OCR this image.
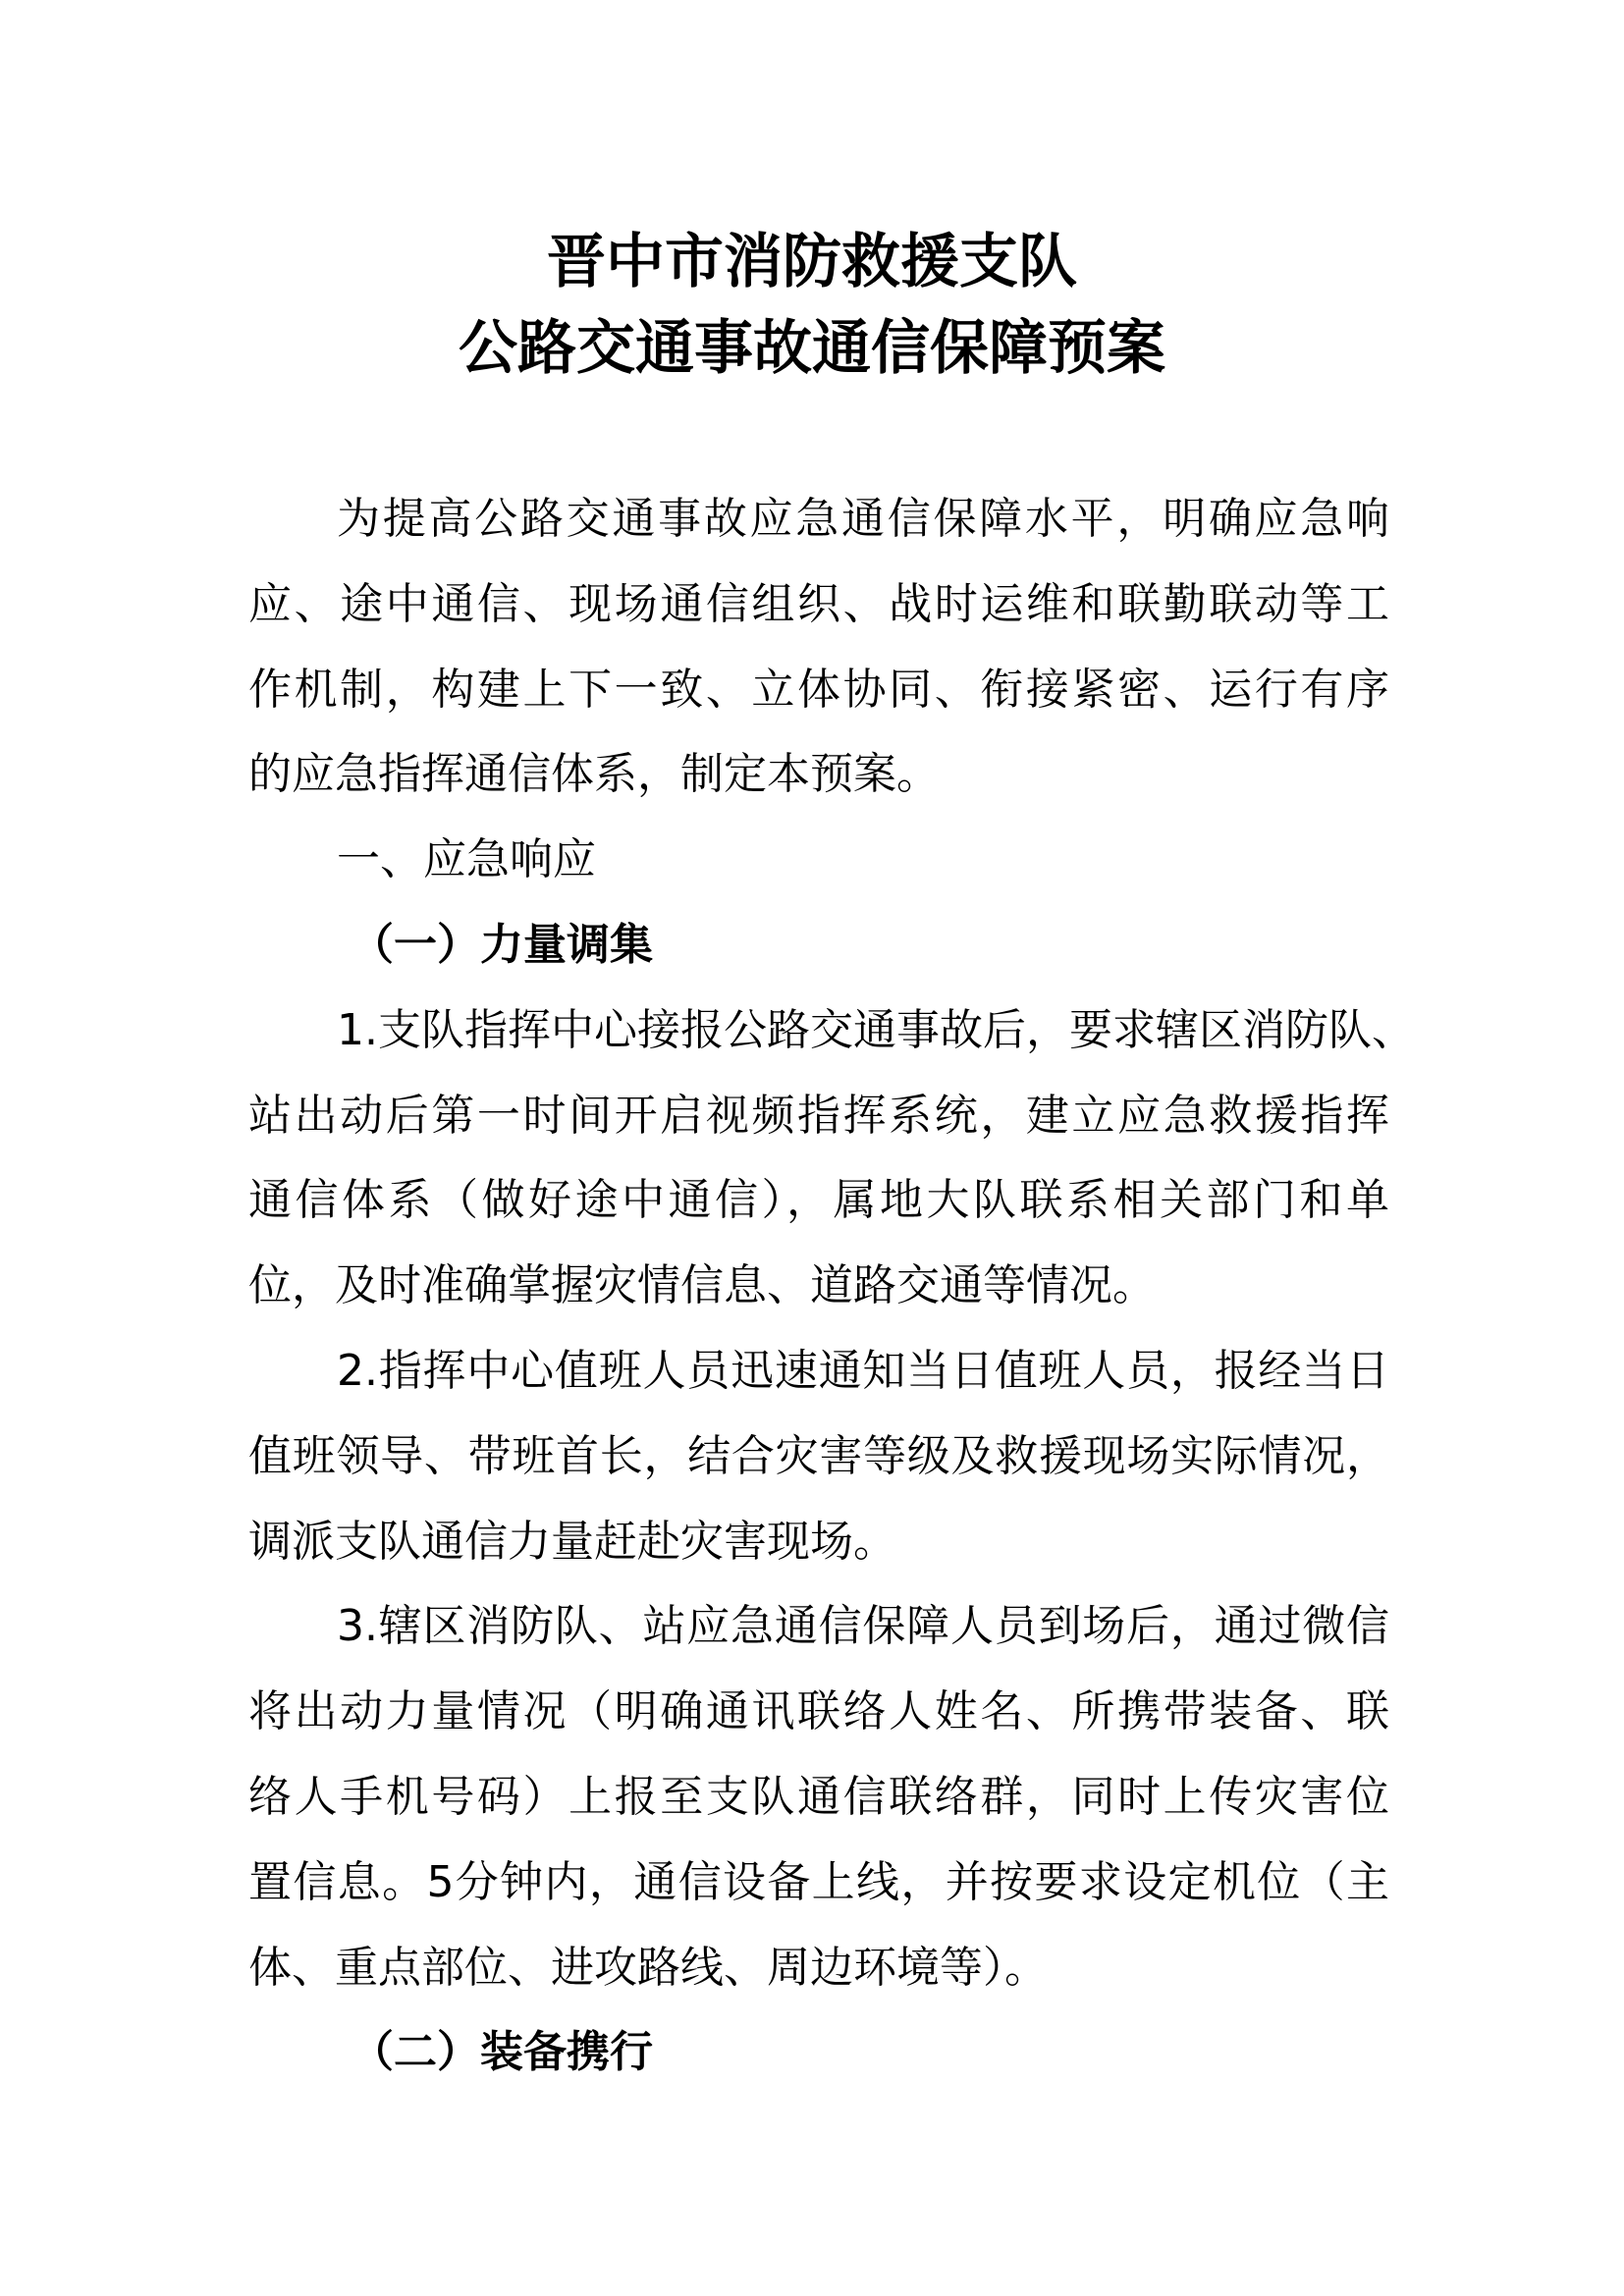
晋中市消防救援支队
公路交通事故通信保障预案
为提高公路交通事故应急通信保障水平，明确应急响
应、途中通信、现场通信组织、战时运维和联勤联动等工
作机制，构建上下一致、立体协同、衔接紧密、运行有序
的应急指挥通信体系，制定本预案。
一、应急响应
（一）力量调集
1.支队指挥中心接报公路交通事故后，要求辖区消防队、
站出动后第一时间开启视频指挥系统，建立应急救援指挥
通信体系（做好途中通信），属地大队联系相关部门和单
位，及时准确掌握灾情信息、道路交通等情况。
2.指挥中心值班人员迅速通知当日值班人员，报经当日
值班领导、带班首长，结合灾害等级及救援现场实际情况，
调派支队通信力量赶赴灾害现场。
3.辖区消防队、站应急通信保障人员到场后，通过微信
将出动力量情况（明确通讯联络人姓名、所携带装备、联
络人手机号码）上报至支队通信联络群，同时上传灾害位
置信息。5分钟内，通信设备上线，并按要求设定机位（主
体、重点部位、进攻路线、周边环境等）。
（二）装备携行
